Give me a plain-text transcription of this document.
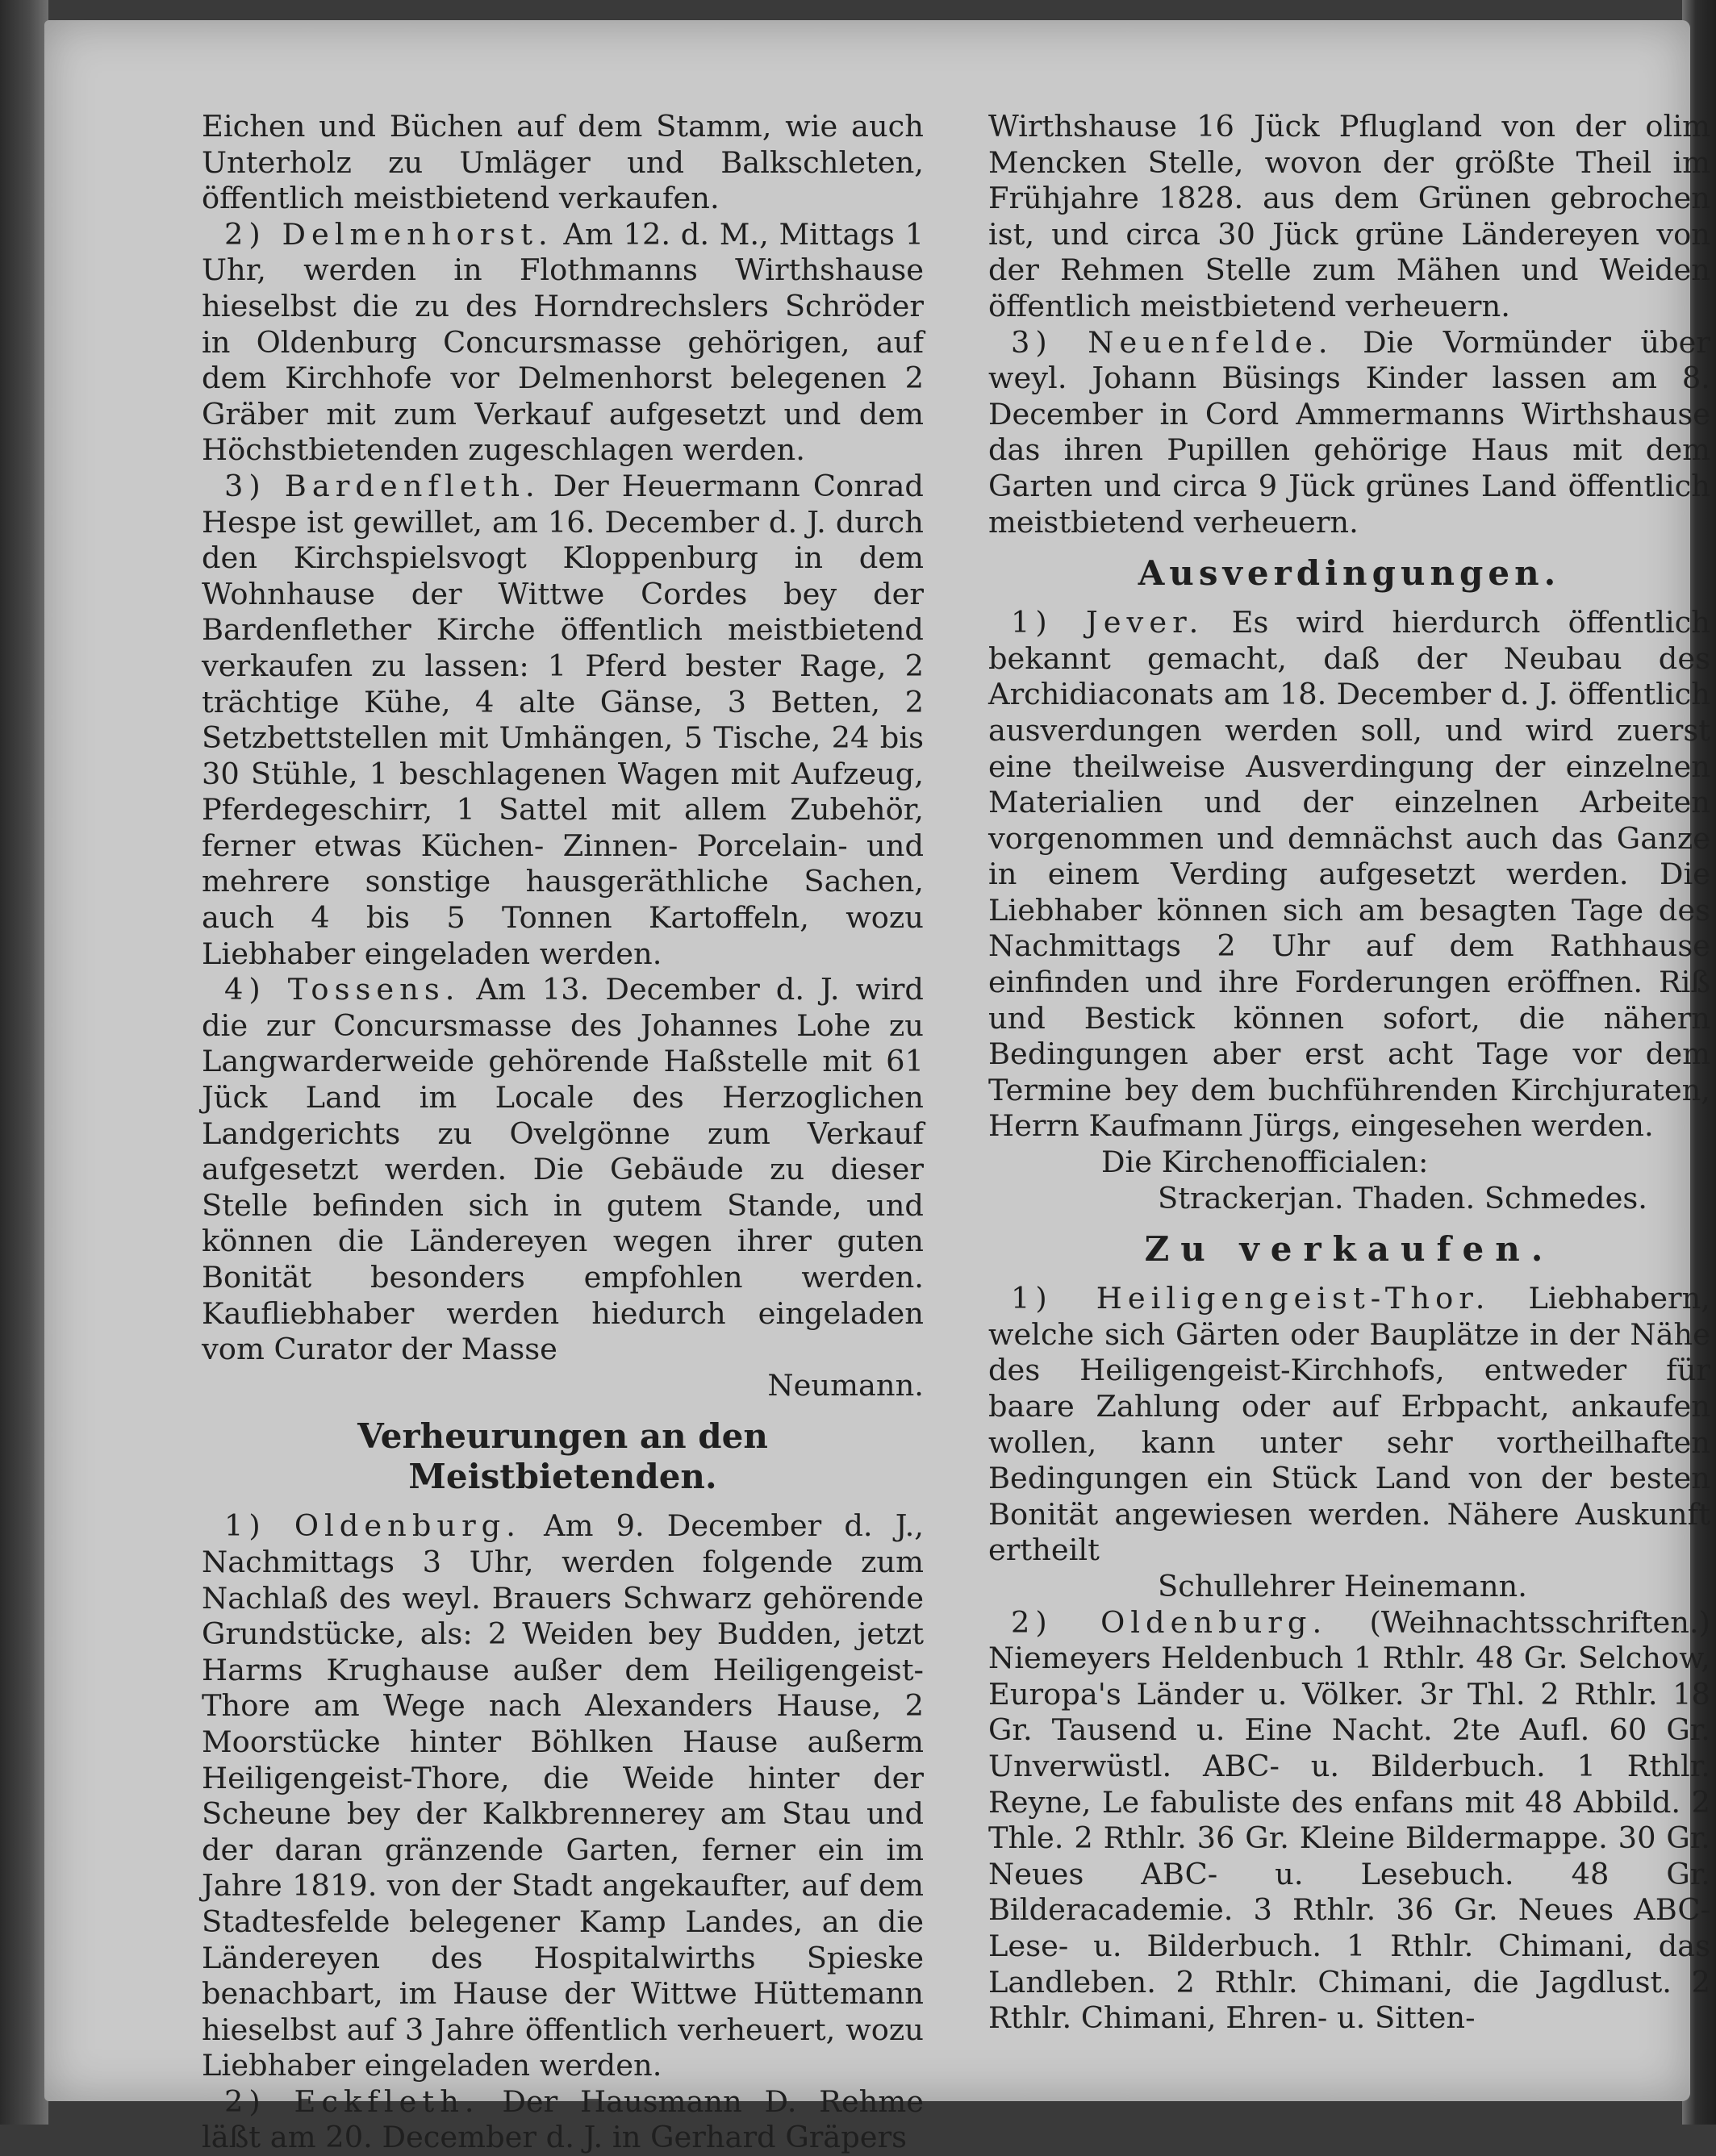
Eichen und Büchen auf dem Stamm, wie auch Unterholz zu Umläger und Balkschleten, öffentlich meistbietend verkaufen.

2) Delmenhorst. Am 12. d. M., Mittags 1 Uhr, werden in Flothmanns Wirthshause hieselbst die zu des Horndrechslers Schröder in Oldenburg Concursmasse gehörigen, auf dem Kirchhofe vor Delmenhorst belegenen 2 Gräber mit zum Verkauf aufgesetzt und dem Höchstbietenden zugeschlagen werden.

3) Bardenfleth. Der Heuermann Conrad Hespe ist gewillet, am 16. December d. J. durch den Kirchspielsvogt Kloppenburg in dem Wohnhause der Wittwe Cordes bey der Bardenflether Kirche öffentlich meistbietend verkaufen zu lassen: 1 Pferd bester Rage, 2 trächtige Kühe, 4 alte Gänse, 3 Betten, 2 Setzbettstellen mit Umhängen, 5 Tische, 24 bis 30 Stühle, 1 beschlagenen Wagen mit Aufzeug, Pferdegeschirr, 1 Sattel mit allem Zubehör, ferner etwas Küchen- Zinnen- Porcelain- und mehrere sonstige hausgeräthliche Sachen, auch 4 bis 5 Tonnen Kartoffeln, wozu Liebhaber eingeladen werden.

4) Tossens. Am 13. December d. J. wird die zur Concursmasse des Johannes Lohe zu Langwarderweide gehörende Haßstelle mit 61 Jück Land im Locale des Herzoglichen Landgerichts zu Ovelgönne zum Verkauf aufgesetzt werden. Die Gebäude zu dieser Stelle befinden sich in gutem Stande, und können die Ländereyen wegen ihrer guten Bonität besonders empfohlen werden. Kaufliebhaber werden hiedurch eingeladen vom Curator der Masse

Neumann.

Verheurungen an den Meistbietenden.

1) Oldenburg. Am 9. December d. J., Nachmittags 3 Uhr, werden folgende zum Nachlaß des weyl. Brauers Schwarz gehörende Grundstücke, als: 2 Weiden bey Budden, jetzt Harms Krughause außer dem Heiligengeist-Thore am Wege nach Alexanders Hause, 2 Moorstücke hinter Böhlken Hause außerm Heiligengeist-Thore, die Weide hinter der Scheune bey der Kalkbrennerey am Stau und der daran gränzende Garten, ferner ein im Jahre 1819. von der Stadt angekaufter, auf dem Stadtesfelde belegener Kamp Landes, an die Ländereyen des Hospitalwirths Spieske benachbart, im Hause der Wittwe Hüttemann hieselbst auf 3 Jahre öffentlich verheuert, wozu Liebhaber eingeladen werden.

2) Eckfleth. Der Hausmann D. Rehme läßt am 20. December d. J. in Gerhard Gräpers

Wirthshause 16 Jück Pflugland von der olim Mencken Stelle, wovon der größte Theil im Frühjahre 1828. aus dem Grünen gebrochen ist, und circa 30 Jück grüne Ländereyen von der Rehmen Stelle zum Mähen und Weiden öffentlich meistbietend verheuern.

3) Neuenfelde. Die Vormünder über weyl. Johann Büsings Kinder lassen am 8. December in Cord Ammermanns Wirthshause das ihren Pupillen gehörige Haus mit dem Garten und circa 9 Jück grünes Land öffentlich meistbietend verheuern.

Ausverdingungen.

1) Jever. Es wird hierdurch öffentlich bekannt gemacht, daß der Neubau des Archidiaconats am 18. December d. J. öffentlich ausverdungen werden soll, und wird zuerst eine theilweise Ausverdingung der einzelnen Materialien und der einzelnen Arbeiten vorgenommen und demnächst auch das Ganze in einem Verding aufgesetzt werden. Die Liebhaber können sich am besagten Tage des Nachmittags 2 Uhr auf dem Rathhause einfinden und ihre Forderungen eröffnen. Riß und Bestick können sofort, die nähern Bedingungen aber erst acht Tage vor dem Termine bey dem buchführenden Kirchjuraten, Herrn Kaufmann Jürgs, eingesehen werden.

Die Kirchenofficialen:

Strackerjan. Thaden. Schmedes.

Zu verkaufen.

1) Heiligengeist-Thor. Liebhabern, welche sich Gärten oder Bauplätze in der Nähe des Heiligengeist-Kirchhofs, entweder für baare Zahlung oder auf Erbpacht, ankaufen wollen, kann unter sehr vortheilhaften Bedingungen ein Stück Land von der besten Bonität angewiesen werden. Nähere Auskunft ertheilt

Schullehrer Heinemann.

2) Oldenburg. (Weihnachtsschriften.) Niemeyers Heldenbuch 1 Rthlr. 48 Gr. Selchow, Europa's Länder u. Völker. 3r Thl. 2 Rthlr. 18 Gr. Tausend u. Eine Nacht. 2te Aufl. 60 Gr. Unverwüstl. ABC- u. Bilderbuch. 1 Rthlr. Reyne, Le fabuliste des enfans mit 48 Abbild. 2 Thle. 2 Rthlr. 36 Gr. Kleine Bildermappe. 30 Gr. Neues ABC- u. Lesebuch. 48 Gr. Bilderacademie. 3 Rthlr. 36 Gr. Neues ABC- Lese- u. Bilderbuch. 1 Rthlr. Chimani, das Landleben. 2 Rthlr. Chimani, die Jagdlust. 2 Rthlr. Chimani, Ehren- u. Sitten-
